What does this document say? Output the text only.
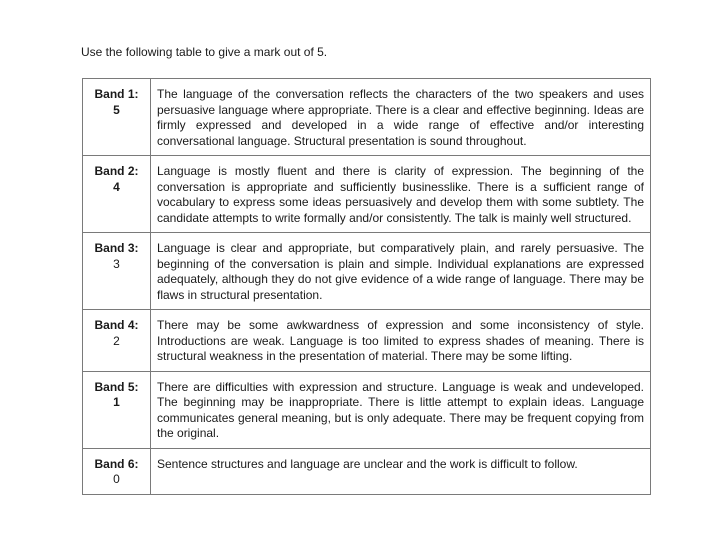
Use the following table to give a mark out of 5.
Band 1:
5	The language of the conversation reflects the characters of the two speakers and uses persuasive language where appropriate. There is a clear and effective beginning. Ideas are firmly expressed and developed in a wide range of effective and/or interesting conversational language. Structural presentation is sound throughout.

Band 2:
4	Language is mostly fluent and there is clarity of expression. The beginning of the conversation is appropriate and sufficiently businesslike. There is a sufficient range of vocabulary to express some ideas persuasively and develop them with some subtlety. The candidate attempts to write formally and/or consistently. The talk is mainly well structured.

Band 3:
3	Language is clear and appropriate, but comparatively plain, and rarely persuasive. The beginning of the conversation is plain and simple. Individual explanations are expressed adequately, although they do not give evidence of a wide range of language. There may be flaws in structural presentation.

Band 4:
2	There may be some awkwardness of expression and some inconsistency of style. Introductions are weak. Language is too limited to express shades of meaning. There is structural weakness in the presentation of material. There may be some lifting.

Band 5:
1	There are difficulties with expression and structure. Language is weak and undeveloped. The beginning may be inappropriate. There is little attempt to explain ideas. Language communicates general meaning, but is only adequate. There may be frequent copying from the original.

Band 6:
0	Sentence structures and language are unclear and the work is difficult to follow.
